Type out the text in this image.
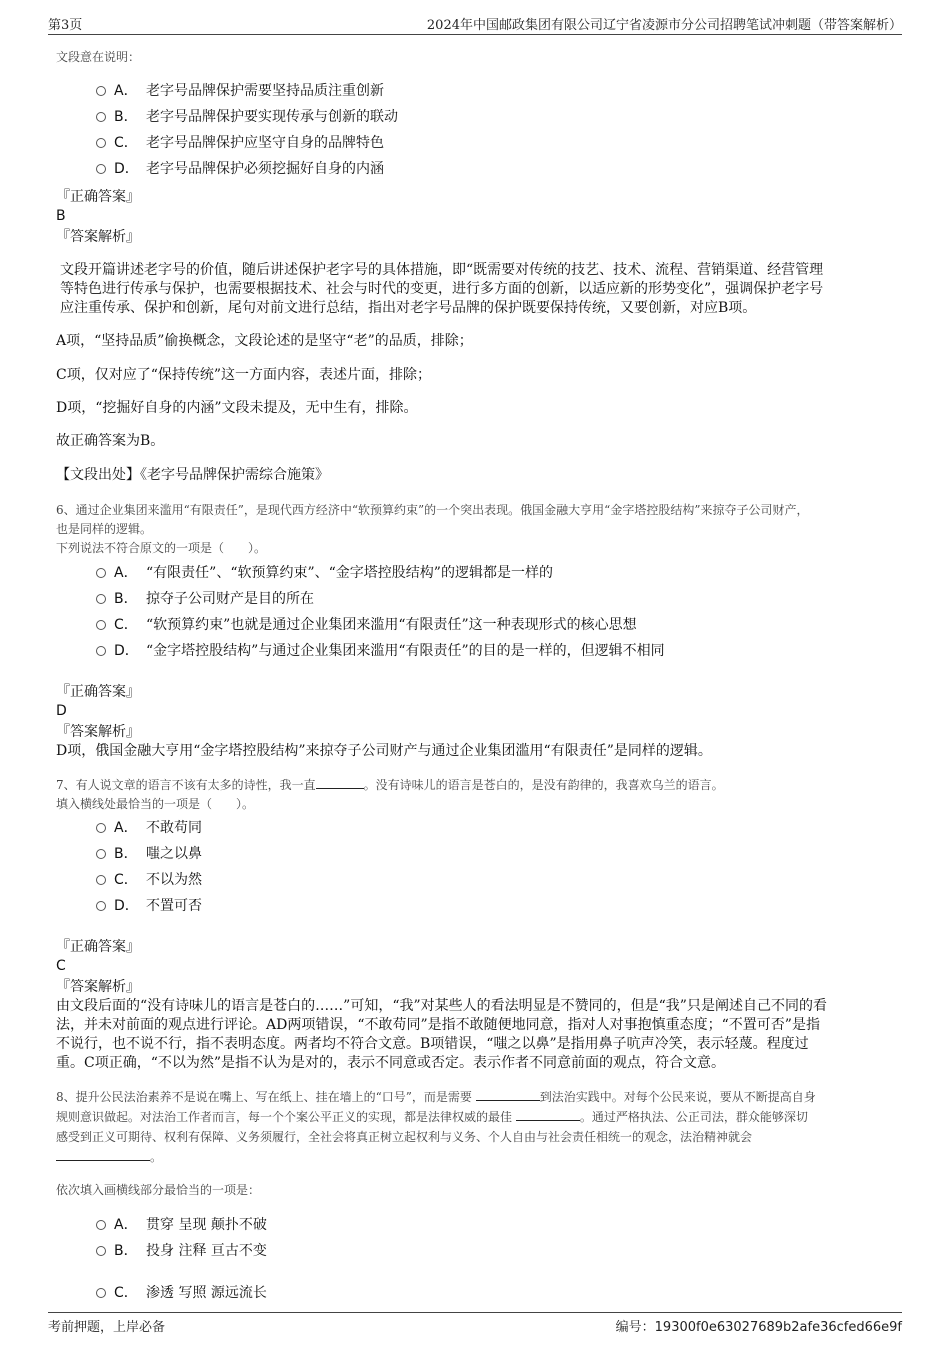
第3页	2024年中国邮政集团有限公司辽宁省凌源市分公司招聘笔试冲刺题（带答案解析）
文段意在说明：
A． 老字号品牌保护需要坚持品质注重创新
B． 老字号品牌保护要实现传承与创新的联动
C． 老字号品牌保护应坚守自身的品牌特色
D． 老字号品牌保护必须挖掘好自身的内涵
『正确答案』
B
『答案解析』
文段开篇讲述老字号的价值，随后讲述保护老字号的具体措施，即“既需要对传统的技艺、技术、流程、营销渠道、经营管理
等特色进行传承与保护，也需要根据技术、社会与时代的变更，进行多方面的创新，以适应新的形势变化”，强调保护老字号
应注重传承、保护和创新，尾句对前文进行总结，指出对老字号品牌的保护既要保持传统，又要创新，对应B项。
A项，“坚持品质”偷换概念，文段论述的是坚守“老”的品质，排除；
C项，仅对应了“保持传统”这一方面内容，表述片面，排除；
D项，“挖掘好自身的内涵”文段未提及，无中生有，排除。
故正确答案为B。
【文段出处】《老字号品牌保护需综合施策》
6、通过企业集团来滥用“有限责任”，是现代西方经济中“软预算约束”的一个突出表现。俄国金融大亨用“金字塔控股结构”来掠夺子公司财产，
也是同样的逻辑。
下列说法不符合原文的一项是（　　）。
A． “有限责任”、“软预算约束”、“金字塔控股结构”的逻辑都是一样的
B． 掠夺子公司财产是目的所在
C． “软预算约束”也就是通过企业集团来滥用“有限责任”这一种表现形式的核心思想
D． “金字塔控股结构”与通过企业集团来滥用“有限责任”的目的是一样的，但逻辑不相同
『正确答案』
D
『答案解析』
D项，俄国金融大亨用“金字塔控股结构”来掠夺子公司财产与通过企业集团滥用“有限责任”是同样的逻辑。
7、有人说文章的语言不该有太多的诗性，我一直	。没有诗味儿的语言是苍白的，是没有韵律的，我喜欢乌兰的语言。
填入横线处最恰当的一项是（　　）。
A． 不敢苟同
B． 嗤之以鼻
C． 不以为然
D． 不置可否
『正确答案』
C
『答案解析』
由文段后面的“没有诗味儿的语言是苍白的……”可知，“我”对某些人的看法明显是不赞同的，但是“我”只是阐述自己不同的看
法，并未对前面的观点进行评论。AD两项错误，“不敢苟同”是指不敢随便地同意，指对人对事抱慎重态度；“不置可否”是指
不说行，也不说不行，指不表明态度。两者均不符合文意。B项错误，“嗤之以鼻”是指用鼻子吭声冷笑，表示轻蔑。程度过
重。C项正确，“不以为然”是指不认为是对的，表示不同意或否定。表示作者不同意前面的观点，符合文意。
8、提升公民法治素养不是说在嘴上、写在纸上、挂在墙上的“口号”，而是需要	到法治实践中。对每个公民来说，要从不断提高自身
规则意识做起。对法治工作者而言，每一个个案公平正义的实现，都是法律权威的最佳	。通过严格执法、公正司法，群众能够深切
感受到正义可期待、权利有保障、义务须履行，全社会将真正树立起权利与义务、个人自由与社会责任相统一的观念，法治精神就会
。
依次填入画横线部分最恰当的一项是：
A． 贯穿 呈现 颠扑不破
B． 投身 注释 亘古不变
C． 渗透 写照 源远流长
考前押题，上岸必备	编号：19300f0e63027689b2afe36cfed66e9f
